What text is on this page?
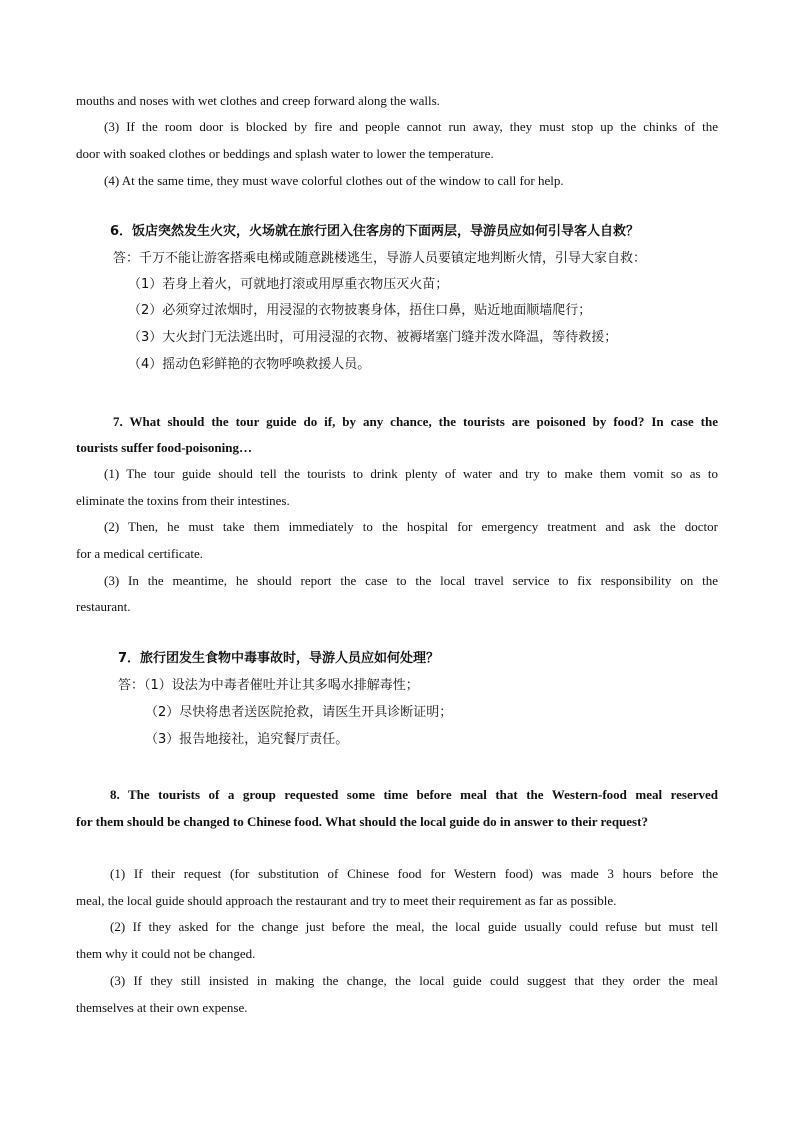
mouths and noses with wet clothes and creep forward along the walls.
(3) If the room door is blocked by fire and people cannot run away, they must stop up the chinks of the
door with soaked clothes or beddings and splash water to lower the temperature.
(4) At the same time, they must wave colorful clothes out of the window to call for help.
6．饭店突然发生火灾，火场就在旅行团入住客房的下面两层，导游员应如何引导客人自救？
答：千万不能让游客搭乘电梯或随意跳楼逃生，导游人员要镇定地判断火情，引导大家自救：
（1）若身上着火，可就地打滚或用厚重衣物压灭火苗；
（2）必须穿过浓烟时，用浸湿的衣物披裹身体，捂住口鼻，贴近地面顺墙爬行；
（3）大火封门无法逃出时，可用浸湿的衣物、被褥堵塞门缝并泼水降温，等待救援；
（4）摇动色彩鲜艳的衣物呼唤救援人员。
7. What should the tour guide do if, by any chance, the tourists are poisoned by food? In case the
tourists suffer food-poisoning…
(1) The tour guide should tell the tourists to drink plenty of water and try to make them vomit so as to
eliminate the toxins from their intestines.
(2) Then, he must take them immediately to the hospital for emergency treatment and ask the doctor
for a medical certificate.
(3) In the meantime, he should report the case to the local travel service to fix responsibility on the
restaurant.
7．旅行团发生食物中毒事故时，导游人员应如何处理？
答：（1）设法为中毒者催吐并让其多喝水排解毒性；
（2）尽快将患者送医院抢救，请医生开具诊断证明；
（3）报告地接社，追究餐厅责任。
8. The tourists of a group requested some time before meal that the Western-food meal reserved
for them should be changed to Chinese food. What should the local guide do in answer to their request?
(1) If their request (for substitution of Chinese food for Western food) was made 3 hours before the
meal, the local guide should approach the restaurant and try to meet their requirement as far as possible.
(2) If they asked for the change just before the meal, the local guide usually could refuse but must tell
them why it could not be changed.
(3) If they still insisted in making the change, the local guide could suggest that they order the meal
themselves at their own expense.
